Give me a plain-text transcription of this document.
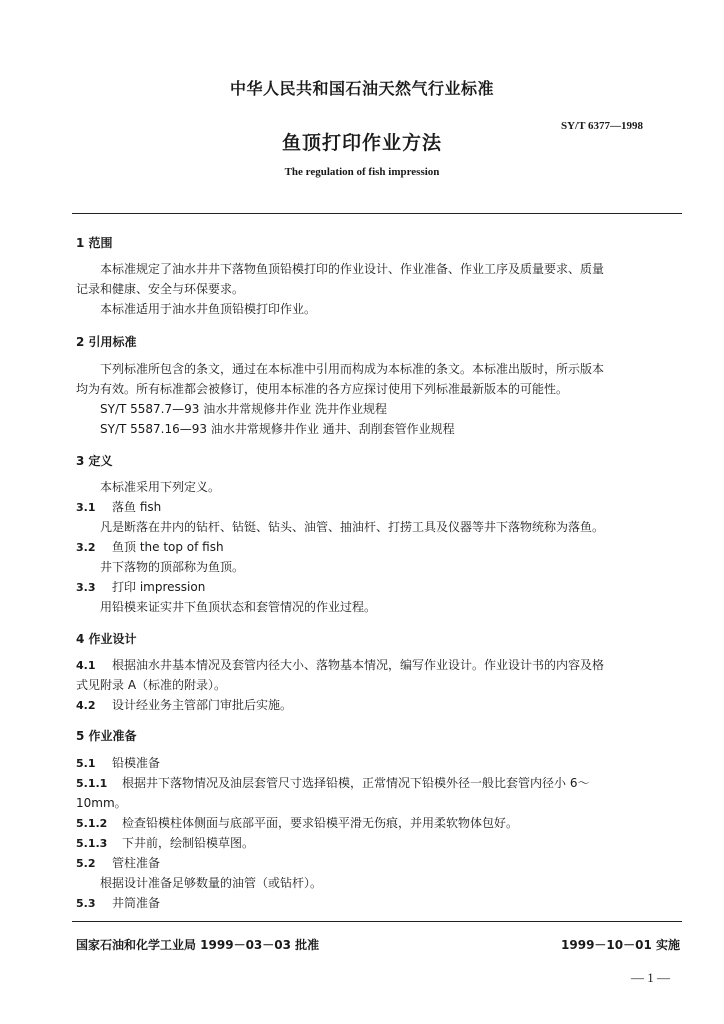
中华人民共和国石油天然气行业标准
SY/T 6377—1998
鱼顶打印作业方法
The regulation of fish impression
1 范围
本标准规定了油水井井下落物鱼顶铅模打印的作业设计、作业准备、作业工序及质量要求、质量
记录和健康、安全与环保要求。
本标准适用于油水井鱼顶铅模打印作业。
2 引用标准
下列标准所包含的条文，通过在本标准中引用而构成为本标准的条文。本标准出版时，所示版本
均为有效。所有标准都会被修订，使用本标准的各方应探讨使用下列标准最新版本的可能性。
SY/T 5587.7—93 油水井常规修井作业 洗井作业规程
SY/T 5587.16—93 油水井常规修井作业 通井、刮削套管作业规程
3 定义
本标准采用下列定义。
3.1 落鱼 fish
凡是断落在井内的钻杆、钻铤、钻头、油管、抽油杆、打捞工具及仪器等井下落物统称为落鱼。
3.2 鱼顶 the top of fish
井下落物的顶部称为鱼顶。
3.3 打印 impression
用铅模来证实井下鱼顶状态和套管情况的作业过程。
4 作业设计
4.1 根据油水井基本情况及套管内径大小、落物基本情况，编写作业设计。作业设计书的内容及格
式见附录 A（标准的附录）。
4.2 设计经业务主管部门审批后实施。
5 作业准备
5.1 铅模准备
5.1.1 根据井下落物情况及油层套管尺寸选择铅模，正常情况下铅模外径一般比套管内径小 6～
10mm。
5.1.2 检查铅模柱体侧面与底部平面，要求铅模平滑无伤痕，并用柔软物体包好。
5.1.3 下井前，绘制铅模草图。
5.2 管柱准备
根据设计准备足够数量的油管（或钻杆）。
5.3 井筒准备
国家石油和化学工业局 1999－03－03 批准	1999－10－01 实施
— 1 —
